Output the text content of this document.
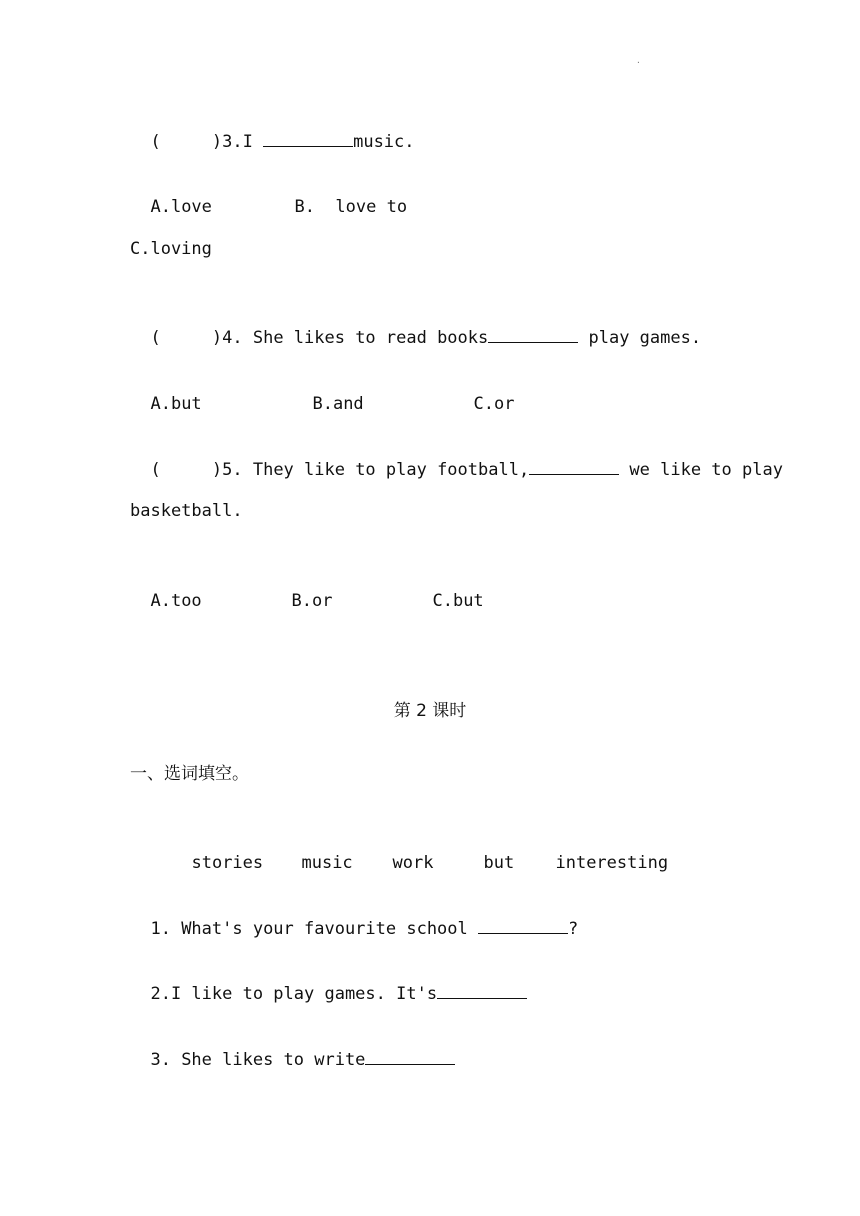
.

(     )3.I	music.

A.love	B.  love to

C.loving

(     )4. She likes to read books	play games.

A.but	B.and	C.or

(     )5. They like to play football,	we like to play

basketball.

A.too	B.or	C.but

第 2 课时
一、选词填空。

stories music work	but interesting

1. What's your favourite school	?

2.I like to play games. It's

3. She likes to write
